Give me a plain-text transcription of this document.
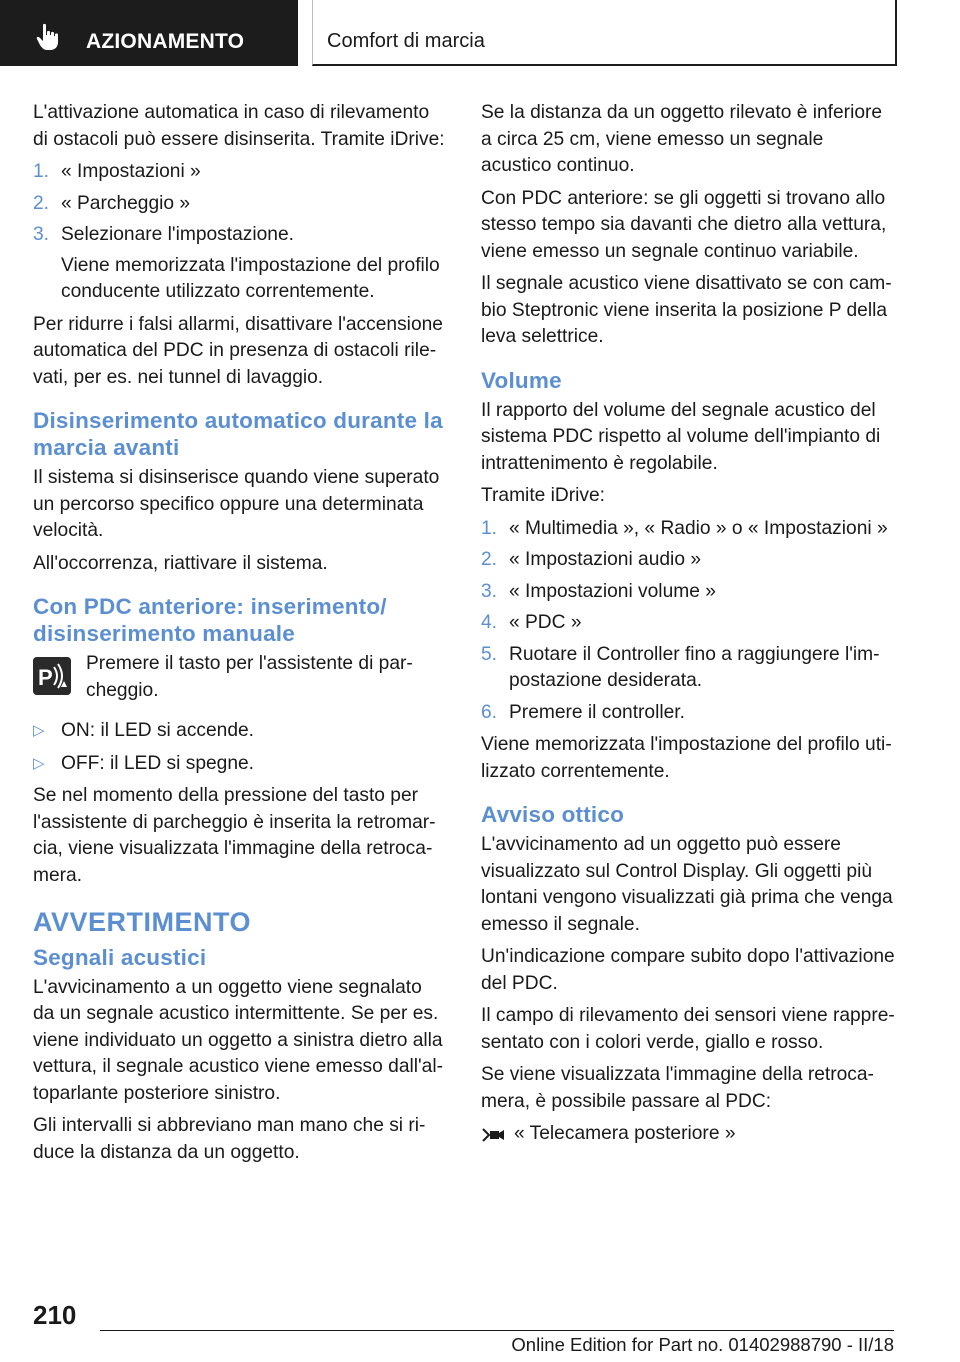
AZIONAMENTO	Comfort di marcia

L'attivazione automatica in caso di rilevamento di ostacoli può essere disinserita. Tramite iDrive:

1. « Impostazioni »
2. « Parcheggio »
3. Selezionare l'impostazione.
Viene memorizzata l'impostazione del profilo conducente utilizzato correntemente.

Per ridurre i falsi allarmi, disattivare l'accensione automatica del PDC in presenza di ostacoli rilevati, per es. nei tunnel di lavaggio.

Disinserimento automatico durante la marcia avanti

Il sistema si disinserisce quando viene superato un percorso specifico oppure una determinata velocità.

All'occorrenza, riattivare il sistema.

Con PDC anteriore: inserimento/ disinserimento manuale
P
Premere il tasto per l'assistente di parcheggio.
▷ ON: il LED si accende.
▷ OFF: il LED si spegne.

Se nel momento della pressione del tasto per l'assistente di parcheggio è inserita la retromarcia, viene visualizzata l'immagine della retrocamera.

AVVERTIMENTO
Segnali acustici

L'avvicinamento a un oggetto viene segnalato da un segnale acustico intermittente. Se per es. viene individuato un oggetto a sinistra dietro alla vettura, il segnale acustico viene emesso dall'altoparlante posteriore sinistro.

Gli intervalli si abbreviano man mano che si riduce la distanza da un oggetto.

Se la distanza da un oggetto rilevato è inferiore a circa 25 cm, viene emesso un segnale acustico continuo.

Con PDC anteriore: se gli oggetti si trovano allo stesso tempo sia davanti che dietro alla vettura, viene emesso un segnale continuo variabile.

Il segnale acustico viene disattivato se con cambio Steptronic viene inserita la posizione P della leva selettrice.

Volume

Il rapporto del volume del segnale acustico del sistema PDC rispetto al volume dell'impianto di intrattenimento è regolabile.

Tramite iDrive:

1. « Multimedia », « Radio » o « Impostazioni »
2. « Impostazioni audio »
3. « Impostazioni volume »
4. « PDC »
5. Ruotare il Controller fino a raggiungere l'impostazione desiderata.
6. Premere il controller.

Viene memorizzata l'impostazione del profilo utilizzato correntemente.

Avviso ottico

L'avvicinamento ad un oggetto può essere visualizzato sul Control Display. Gli oggetti più lontani vengono visualizzati già prima che venga emesso il segnale.

Un'indicazione compare subito dopo l'attivazione del PDC.

Il campo di rilevamento dei sensori viene rappresentato con i colori verde, giallo e rosso.

Se viene visualizzata l'immagine della retrocamera, è possibile passare al PDC:

« Telecamera posteriore »
210
Online Edition for Part no. 01402988790 - II/18
